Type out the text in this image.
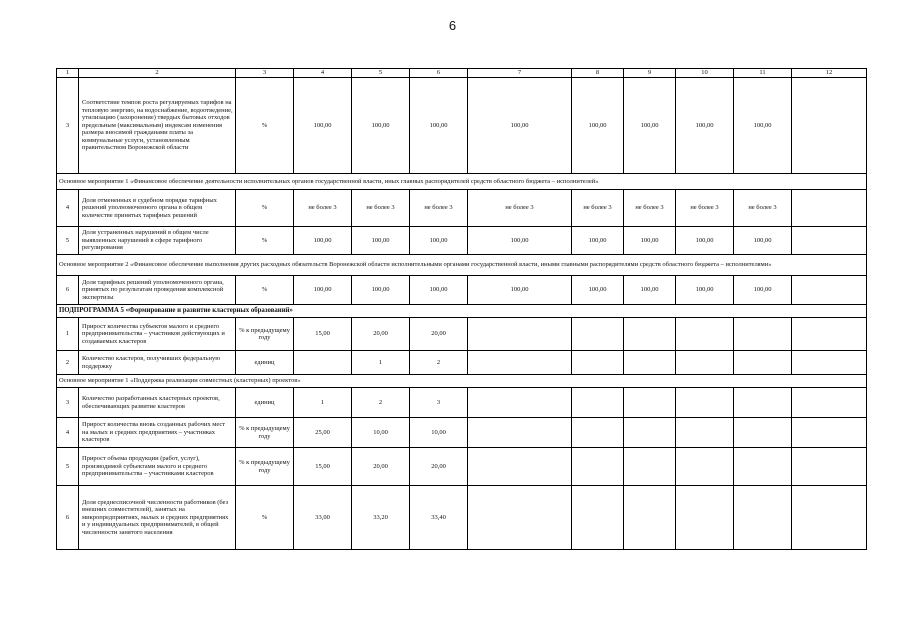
6
1	2	3	4	5	6	7	8	9	10	11	12
3	Соответствие темпов роста регулируемых тарифов на тепловую энергию, на водоснабжение, водоотведение, утилизацию (захоронение) твердых бытовых отходов предельным (максимальным) индексам изменения размера вносимой гражданами платы за коммунальные услуги, установленным правительством Воронежской области	%	100,00	100,00	100,00	100,00	100,00	100,00	100,00	100,00	
Основное мероприятие 1 «Финансовое обеспечение деятельности исполнительных органов государственной власти, иных главных распорядителей средств областного бюджета – исполнителей»											
4	Доля отмененных в судебном порядке тарифных решений уполномоченного органа в общем количестве принятых тарифных решений	%	не более 3	не более 3	не более 3	не более 3	не более 3	не более 3	не более 3	не более 3	
5	Доля устраненных нарушений в общем числе выявленных нарушений в сфере тарифного регулирования	%	100,00	100,00	100,00	100,00	100,00	100,00	100,00	100,00	
Основное мероприятие 2 «Финансовое обеспечение выполнения других расходных обязательств Воронежской области исполнительными органами государственной власти, иными главными распорядителями средств областного бюджета – исполнителями»											
6	Доля тарифных решений уполномоченного органа, принятых по результатам проведения комплексной экспертизы	%	100,00	100,00	100,00	100,00	100,00	100,00	100,00	100,00	
ПОДПРОГРАММА 5 «Формирование и развитие кластерных образований»											
1	Прирост количества субъектов малого и среднего предпринимательства – участников действующих и создаваемых кластеров	% к предыдущему году	15,00	20,00	20,00						
2	Количество кластеров, получивших федеральную поддержку	единиц		1	2						
Основное мероприятие 1 «Поддержка реализации совместных (кластерных) проектов»											
3	Количество разработанных кластерных проектов, обеспечивающих развитие кластеров	единиц	1	2	3						
4	Прирост количества вновь созданных рабочих мест на малых и средних предприятиях – участниках кластеров	% к предыдущему году	25,00	10,00	10,00						
5	Прирост объема продукции (работ, услуг), производимой субъектами малого и среднего предпринимательства – участниками кластеров	% к предыдущему году	15,00	20,00	20,00						
6	Доля среднесписочной численности работников (без внешних совместителей), занятых на микропредприятиях, малых и средних предприятиях и у индивидуальных предпринимателей, в общей численности занятого населения	%	33,00	33,20	33,40						
